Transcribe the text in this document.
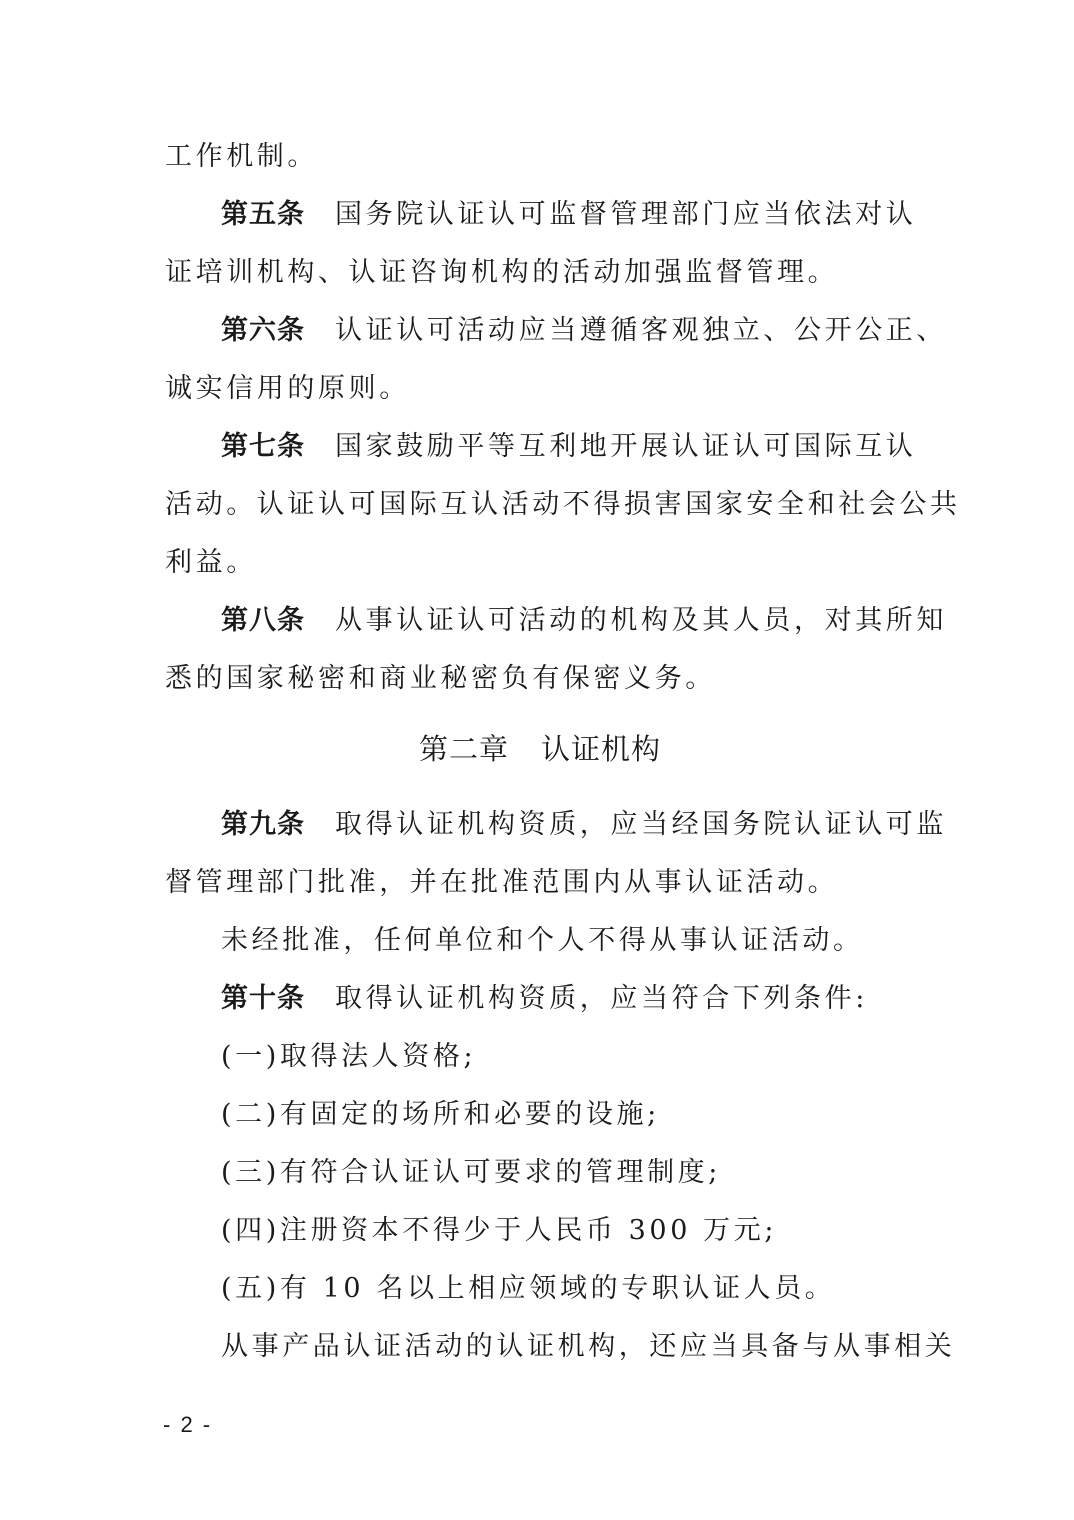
工作机制。
第五条 国务院认证认可监督管理部门应当依法对认
证培训机构、认证咨询机构的活动加强监督管理。
第六条 认证认可活动应当遵循客观独立、公开公正、
诚实信用的原则。
第七条 国家鼓励平等互利地开展认证认可国际互认
活动。认证认可国际互认活动不得损害国家安全和社会公共
利益。
第八条 从事认证认可活动的机构及其人员，对其所知
悉的国家秘密和商业秘密负有保密义务。
第二章 认证机构
第九条 取得认证机构资质，应当经国务院认证认可监
督管理部门批准，并在批准范围内从事认证活动。
未经批准，任何单位和个人不得从事认证活动。
第十条 取得认证机构资质，应当符合下列条件:
(一)取得法人资格;
(二)有固定的场所和必要的设施;
(三)有符合认证认可要求的管理制度;
(四)注册资本不得少于人民币 300 万元;
(五)有 10 名以上相应领域的专职认证人员。
从事产品认证活动的认证机构，还应当具备与从事相关
- 2 -
